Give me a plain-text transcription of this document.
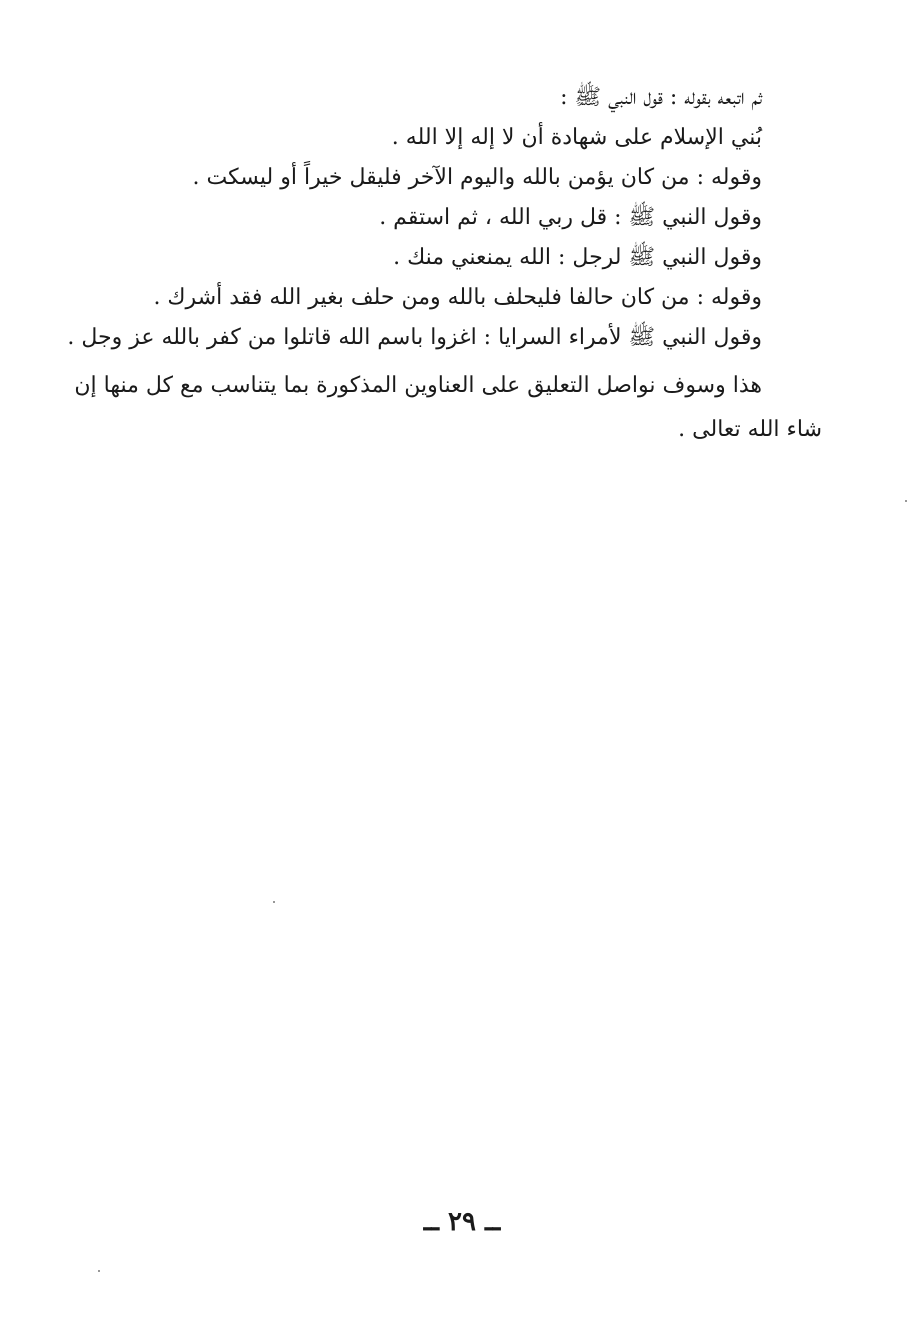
ثم اتبعه بقوله : قول النبي ﷺ :
بُني الإسلام على شهادة أن لا إله إلا الله .
وقوله : من كان يؤمن بالله واليوم الآخر فليقل خيراً أو ليسكت .
وقول النبي ﷺ : قل ربي الله ، ثم استقم .
وقول النبي ﷺ لرجل : الله يمنعني منك .
وقوله : من كان حالفا فليحلف بالله ومن حلف بغير الله فقد أشرك .
وقول النبي ﷺ لأمراء السرايا : اغزوا باسم الله قاتلوا من كفر بالله عز وجل .
هذا وسوف نواصل التعليق على العناوين المذكورة بما يتناسب مع كل منها إن
شاء الله تعالى .
ــ ٢٩ ــ
